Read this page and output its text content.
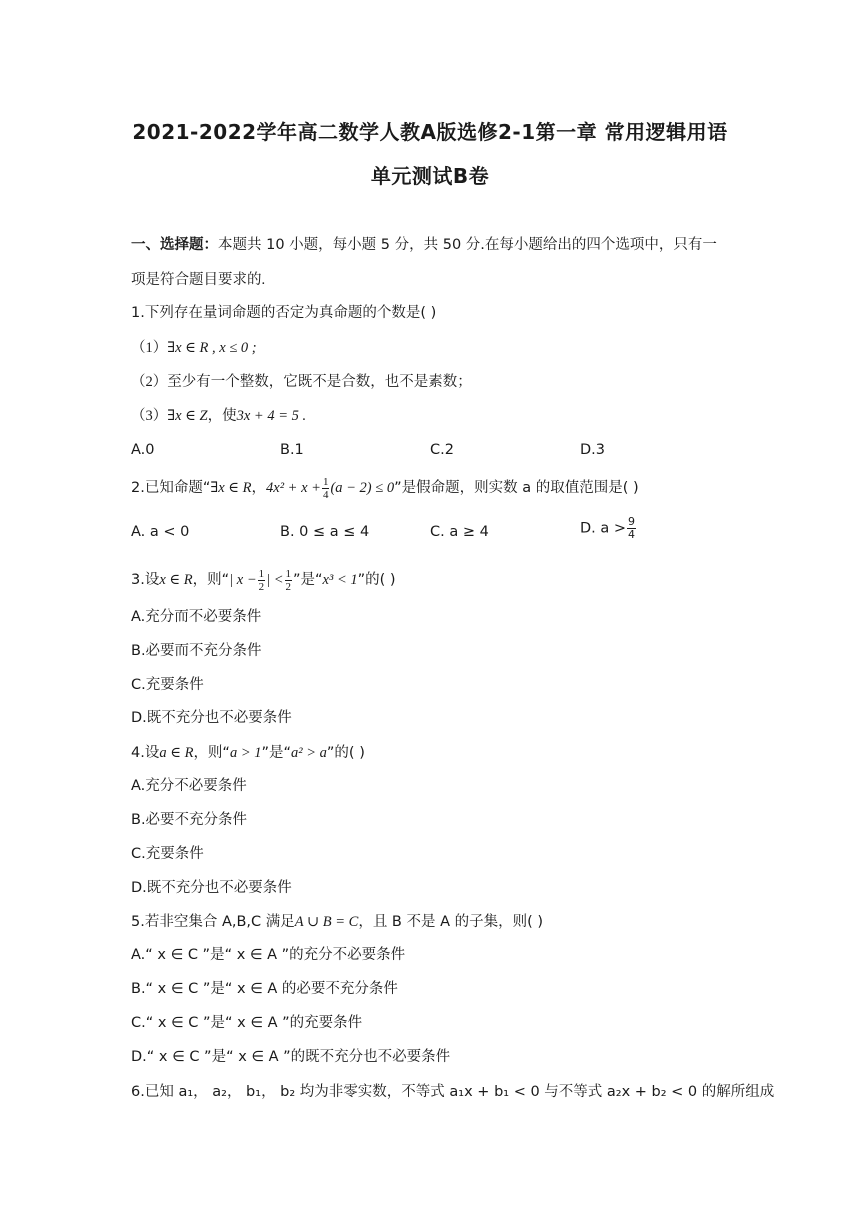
2021-2022学年高二数学人教A版选修2-1第一章 常用逻辑用语
单元测试B卷
一、选择题：本题共 10 小题，每小题 5 分，共 50 分.在每小题给出的四个选项中，只有一
项是符合题目要求的.
1.下列存在量词命题的否定为真命题的个数是( )
（1）∃x ∈ R , x ≤ 0 ;
（2）至少有一个整数，它既不是合数，也不是素数；
（3）∃x ∈ Z，使3x + 4 = 5 .
A.0	B.1	C.2	D.3
2.已知命题“∃x ∈ R，$4x^2 + x + \frac{1}{4} (a - 2) \le 0$”是假命题，则实数 a 的取值范围是( )
A. a < 0	B. 0 ≤ a ≤ 4	C. a ≥ 4	D. $a > \frac{9}{4}$
3.设x ∈ R，则“| $x - \frac{1}{2}$ | < $\frac{1}{2}$ ”是“x³ < 1”的( )
A.充分而不必要条件
B.必要而不充分条件
C.充要条件
D.既不充分也不必要条件
4.设a ∈ R，则“a > 1”是“a² > a”的( )
A.充分不必要条件
B.必要不充分条件
C.充要条件
D.既不充分也不必要条件
5.若非空集合 A,B,C 满足A ∪ B = C，且 B 不是 A 的子集，则( )
A.“ x ∈ C ”是“ x ∈ A ”的充分不必要条件
B.“ x ∈ C ”是“ x ∈ A 的必要不充分条件
C.“ x ∈ C ”是“ x ∈ A ”的充要条件
D.“ x ∈ C ”是“ x ∈ A ”的既不充分也不必要条件
6.已知 a₁， a₂， b₁， b₂ 均为非零实数，不等式 a₁x + b₁ < 0 与不等式 a₂x + b₂ < 0 的解所组成
